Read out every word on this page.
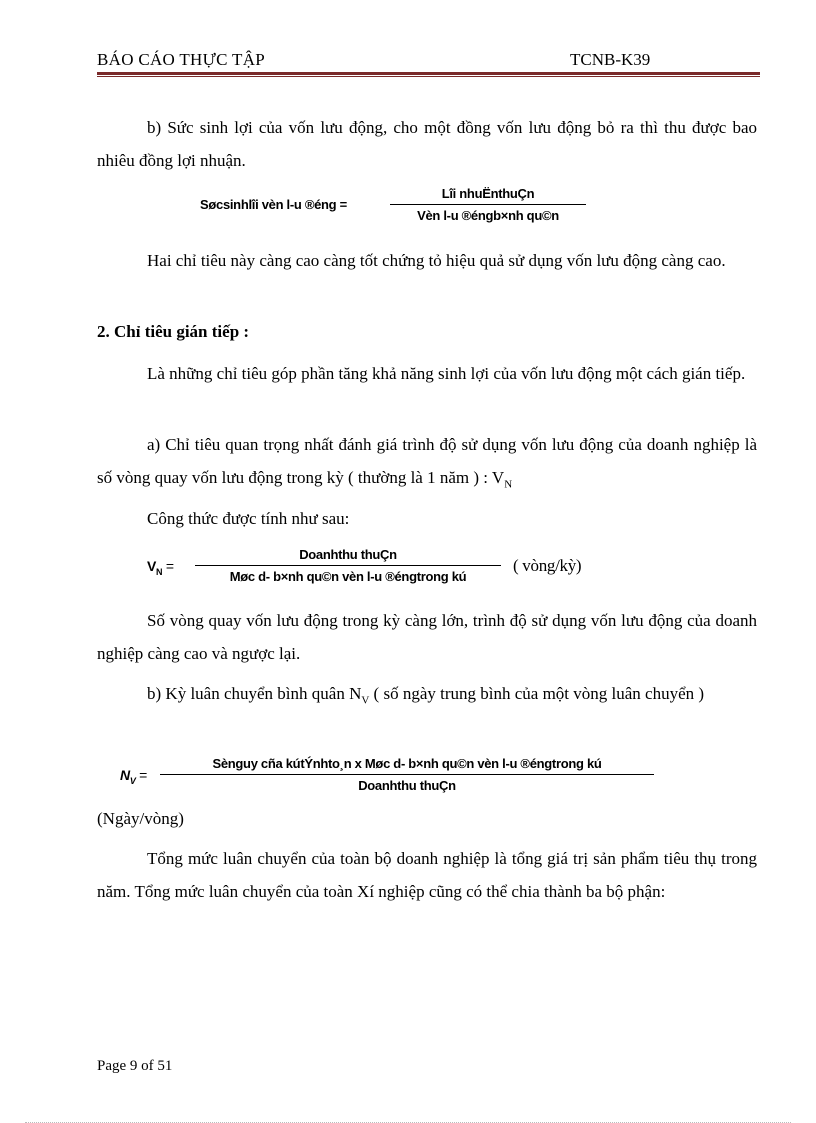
BÁO CÁO THỰC TẬP	TCNB-K39
b) Sức sinh lợi của vốn lưu động, cho một đồng vốn lưu động bỏ ra thì thu được bao nhiêu đồng lợi nhuận.
Søcsinhlîi vèn l-u ®éng =
Lîi nhuËnthuÇn
Vèn l-u ®éngb×nh qu©n
Hai chỉ tiêu này càng cao càng tốt chứng tỏ hiệu quả sử dụng vốn lưu động càng cao.
2. Chỉ tiêu gián tiếp :
Là những chỉ tiêu góp phần tăng khả năng sinh lợi của vốn lưu động một cách gián tiếp.
a) Chỉ tiêu quan trọng nhất đánh giá trình độ sử dụng vốn lưu động của doanh nghiệp là số vòng quay vốn lưu động trong kỳ ( thường là 1 năm ) : $V_N$
Công thức được tính như sau:
$V_N$ =
Doanhthu thuÇn
Møc d- b×nh qu©n vèn l-u ®éngtrong kú
( vòng/kỳ)
Số vòng quay vốn lưu động trong kỳ càng lớn, trình độ sử dụng vốn lưu động của doanh nghiệp càng cao và ngược lại.
b) Kỳ luân chuyển bình quân $N_V$ ( số ngày trung bình của một vòng luân chuyển )
$N_V$ =
Sènguy cña kútÝnhto¸n x Møc d- b×nh qu©n vèn l-u ®éngtrong kú
Doanhthu thuÇn
(Ngày/vòng)
Tổng mức luân chuyển của toàn bộ doanh nghiệp là tổng giá trị sản phẩm tiêu thụ trong năm. Tổng mức luân chuyển của toàn Xí nghiệp cũng có thể chia thành ba bộ phận:
Page 9 of 51
